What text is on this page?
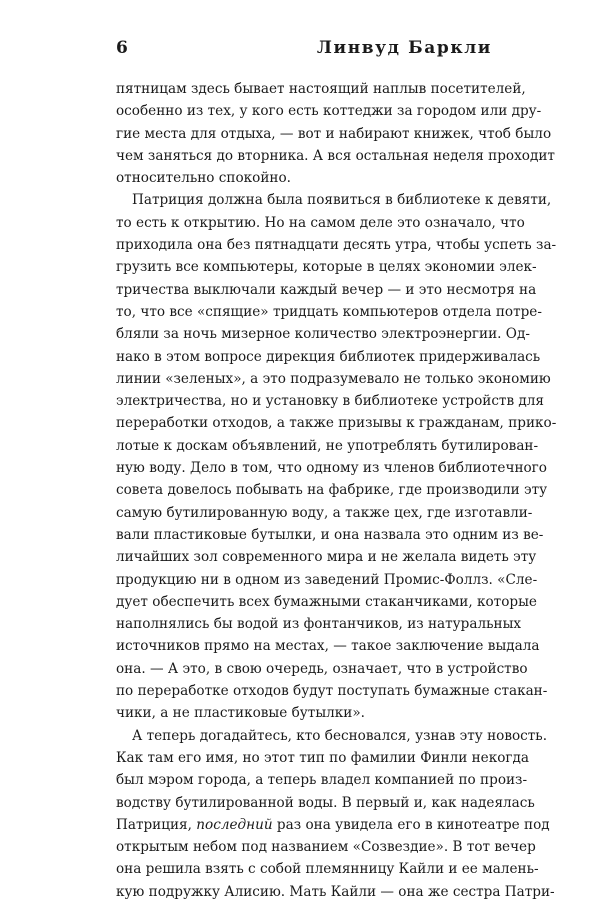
6	Линвуд Баркли
пятницам здесь бывает настоящий наплыв посетителей,
особенно из тех, у кого есть коттеджи за городом или дру-
гие места для отдыха, — вот и набирают книжек, чтоб было
чем заняться до вторника. А вся остальная неделя проходит
относительно спокойно.
Патриция должна была появиться в библиотеке к девяти,
то есть к открытию. Но на самом деле это означало, что
приходила она без пятнадцати десять утра, чтобы успеть за-
грузить все компьютеры, которые в целях экономии элек-
тричества выключали каждый вечер — и это несмотря на
то, что все «спящие» тридцать компьютеров отдела потре-
бляли за ночь мизерное количество электроэнергии. Од-
нако в этом вопросе дирекция библиотек придерживалась
линии «зеленых», а это подразумевало не только экономию
электричества, но и установку в библиотеке устройств для
переработки отходов, а также призывы к гражданам, прико-
лотые к доскам объявлений, не употреблять бутилирован-
ную воду. Дело в том, что одному из членов библиотечного
совета довелось побывать на фабрике, где производили эту
самую бутилированную воду, а также цех, где изготавли-
вали пластиковые бутылки, и она назвала это одним из ве-
личайших зол современного мира и не желала видеть эту
продукцию ни в одном из заведений Промис-Фоллз. «Сле-
дует обеспечить всех бумажными стаканчиками, которые
наполнялись бы водой из фонтанчиков, из натуральных
источников прямо на местах, — такое заключение выдала
она. — А это, в свою очередь, означает, что в устройство
по переработке отходов будут поступать бумажные стакан-
чики, а не пластиковые бутылки».
А теперь догадайтесь, кто бесновался, узнав эту новость.
Как там его имя, но этот тип по фамилии Финли некогда
был мэром города, а теперь владел компанией по произ-
водству бутилированной воды. В первый и, как надеялась
Патриция, последний раз она увидела его в кинотеатре под
открытым небом под названием «Созвездие». В тот вечер
она решила взять с собой племянницу Кайли и ее малень-
кую подружку Алисию. Мать Кайли — она же сестра Патри-
